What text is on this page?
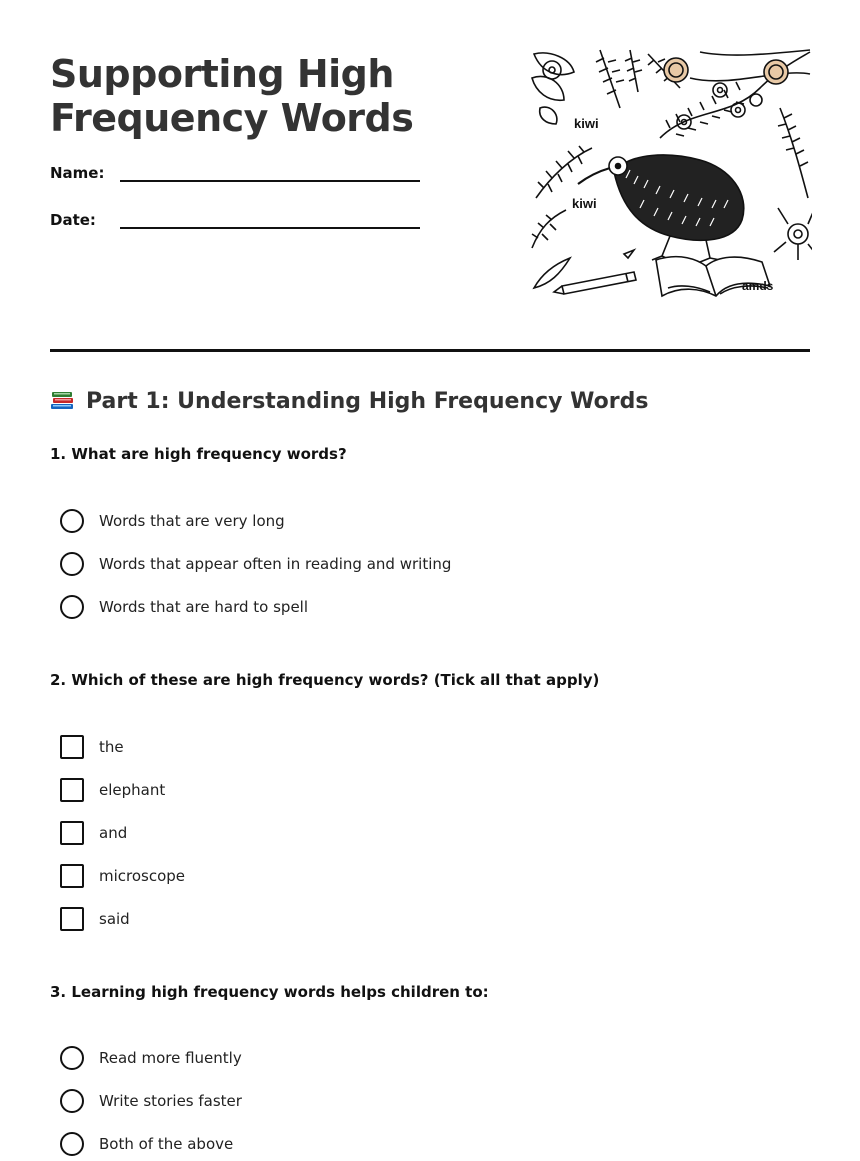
Supporting High
Frequency Words
Name:
Date:
kiwi
kiwi
amds
Part 1: Understanding High Frequency Words

1. What are high frequency words?

Words that are very long
Words that appear often in reading and writing
Words that are hard to spell

2. Which of these are high frequency words? (Tick all that apply)

the
elephant
and
microscope
said

3. Learning high frequency words helps children to:

Read more fluently
Write stories faster
Both of the above
